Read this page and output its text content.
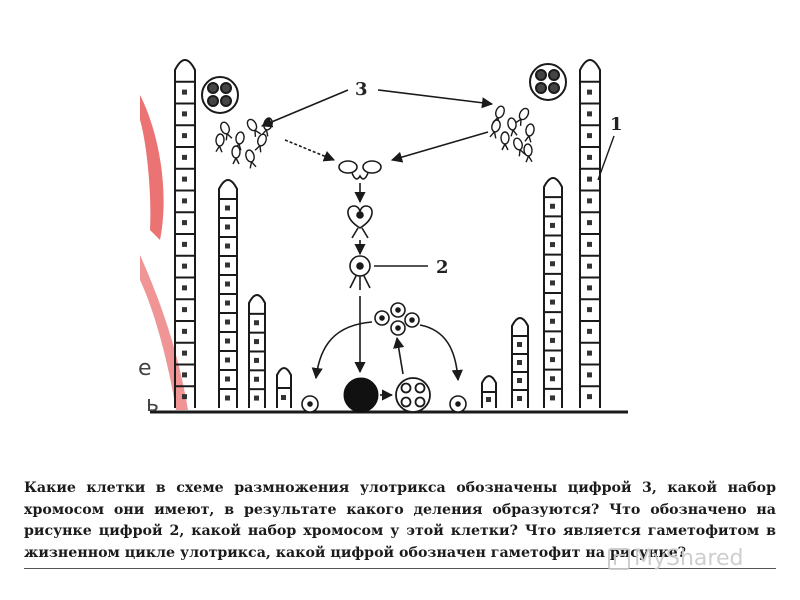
3
2
1
е
ь

Какие клетки в схеме размножения улотрикса обозначены цифрой 3, какой набор хромосом они имеют, в результате какого деления образуются? Что обозначено на рисунке цифрой 2, какой набор хромосом у этой клетки? Что является гаметофитом в жизненном цикле улотрикса, какой цифрой обозначен гаметофит на рисунке?

MyShared
